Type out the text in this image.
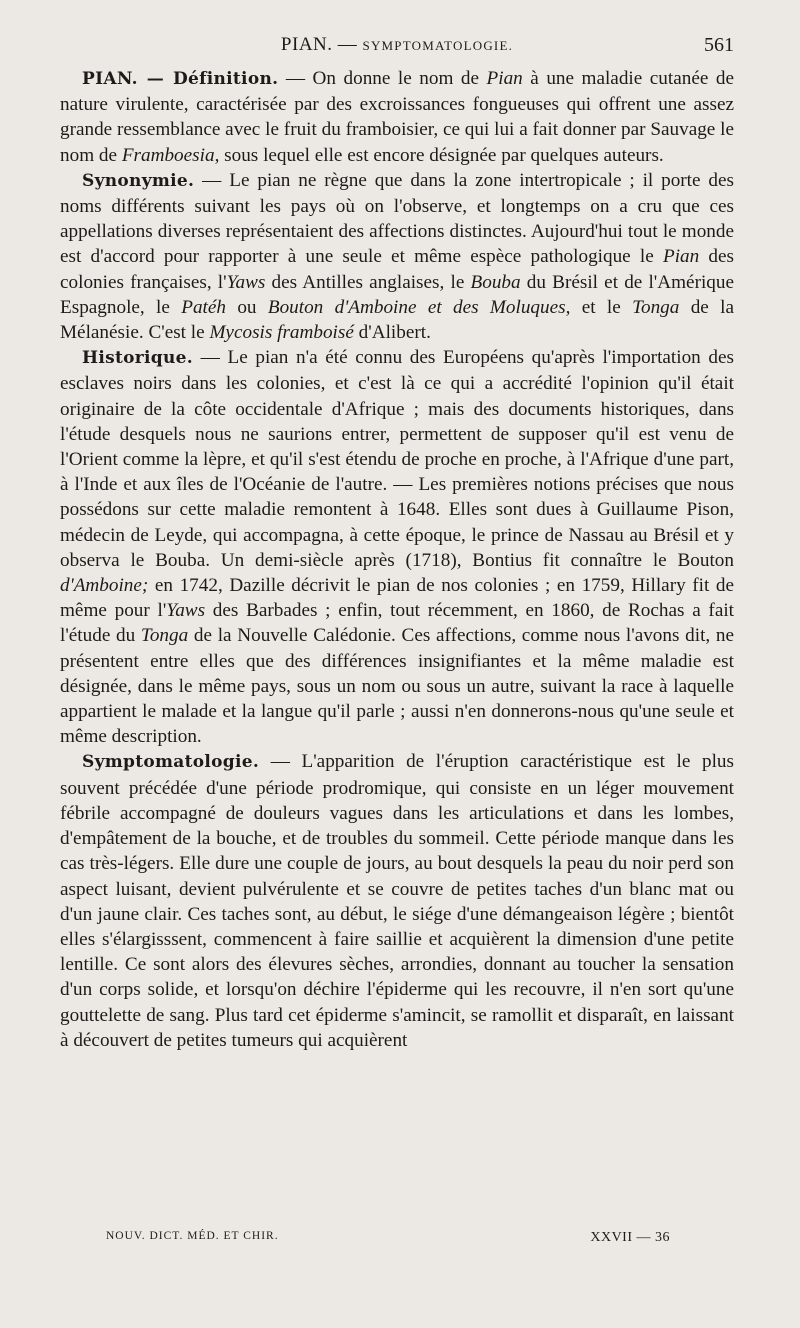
PIAN. — SYMPTOMATOLOGIE.	561

PIAN. — Définition. — On donne le nom de Pian à une maladie cutanée de nature virulente, caractérisée par des excroissances fongueuses qui offrent une assez grande ressemblance avec le fruit du framboisier, ce qui lui a fait donner par Sauvage le nom de Framboesia, sous lequel elle est encore désignée par quelques auteurs.

Synonymie. — Le pian ne règne que dans la zone intertropicale ; il porte des noms différents suivant les pays où on l'observe, et longtemps on a cru que ces appellations diverses représentaient des affections distinctes. Aujourd'hui tout le monde est d'accord pour rapporter à une seule et même espèce pathologique le Pian des colonies françaises, l'Yaws des Antilles anglaises, le Bouba du Brésil et de l'Amérique Espagnole, le Patéh ou Bouton d'Amboine et des Moluques, et le Tonga de la Mélanésie. C'est le Mycosis framboisé d'Alibert.

Historique. — Le pian n'a été connu des Européens qu'après l'importation des esclaves noirs dans les colonies, et c'est là ce qui a accrédité l'opinion qu'il était originaire de la côte occidentale d'Afrique ; mais des documents historiques, dans l'étude desquels nous ne saurions entrer, permettent de supposer qu'il est venu de l'Orient comme la lèpre, et qu'il s'est étendu de proche en proche, à l'Afrique d'une part, à l'Inde et aux îles de l'Océanie de l'autre. — Les premières notions précises que nous possédons sur cette maladie remontent à 1648. Elles sont dues à Guillaume Pison, médecin de Leyde, qui accompagna, à cette époque, le prince de Nassau au Brésil et y observa le Bouba. Un demi-siècle après (1718), Bontius fit connaître le Bouton d'Amboine; en 1742, Dazille décrivit le pian de nos colonies ; en 1759, Hillary fit de même pour l'Yaws des Barbades ; enfin, tout récemment, en 1860, de Rochas a fait l'étude du Tonga de la Nouvelle Calédonie. Ces affections, comme nous l'avons dit, ne présentent entre elles que des différences insignifiantes et la même maladie est désignée, dans le même pays, sous un nom ou sous un autre, suivant la race à laquelle appartient le malade et la langue qu'il parle ; aussi n'en donnerons-nous qu'une seule et même description.

Symptomatologie. — L'apparition de l'éruption caractéristique est le plus souvent précédée d'une période prodromique, qui consiste en un léger mouvement fébrile accompagné de douleurs vagues dans les articulations et dans les lombes, d'empâtement de la bouche, et de troubles du sommeil. Cette période manque dans les cas très-légers. Elle dure une couple de jours, au bout desquels la peau du noir perd son aspect luisant, devient pulvérulente et se couvre de petites taches d'un blanc mat ou d'un jaune clair. Ces taches sont, au début, le siége d'une démangeaison légère ; bientôt elles s'élargisssent, commencent à faire saillie et acquièrent la dimension d'une petite lentille. Ce sont alors des élevures sèches, arrondies, donnant au toucher la sensation d'un corps solide, et lorsqu'on déchire l'épiderme qui les recouvre, il n'en sort qu'une gouttelette de sang. Plus tard cet épiderme s'amincit, se ramollit et disparaît, en laissant à découvert de petites tumeurs qui acquièrent

NOUV. DICT. MÉD. ET CHIR.	XXVII — 36
